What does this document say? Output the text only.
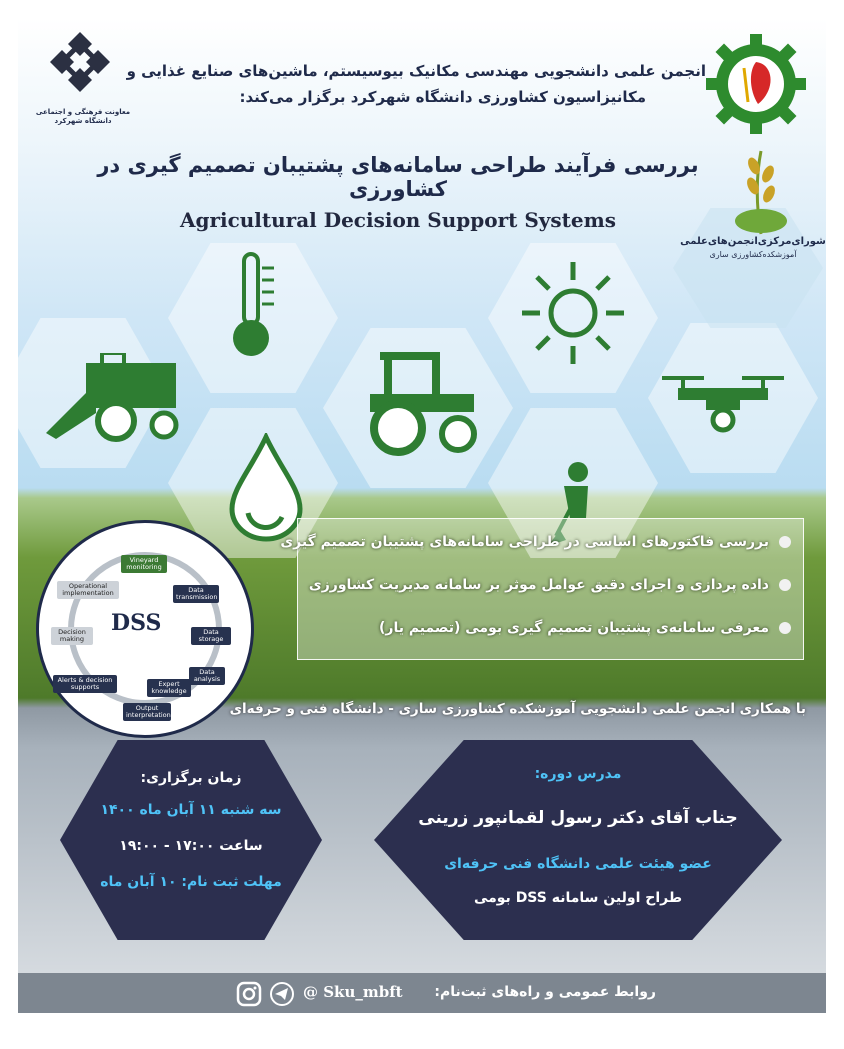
معاونت فرهنگی و اجتماعی
دانشگاه شهرکرد
شورای‌مرکزی‌انجمن‌های‌علمی
آموزشکده‌کشاورزی ساری
انجمن علمی دانشجویی مهندسی مکانیک بیوسیستم، ماشین‌های صنایع غذایی و
مکانیزاسیون کشاورزی دانشگاه شهرکرد برگزار می‌کند:
بررسی فرآیند طراحی سامانه‌های پشتیبان تصمیم گیری در کشاورزی
Agricultural Decision Support Systems
بررسی فاکتورهای اساسی در طراحی سامانه‌های پشتیبان تصمیم گیری
داده پردازی و اجرای دقیق عوامل موثر بر سامانه مدیریت کشاورزی
معرفی سامانه‌ی پشتیبان تصمیم گیری بومی (تصمیم یار)
DSS
Vineyard monitoring
Data transmission
Data storage
Data analysis
Expert knowledge
Output interpretation
Alerts & decision supports
Decision making
Operational implementation
با همکاری انجمن علمی دانشجویی آموزشکده کشاورزی ساری - دانشگاه فنی و حرفه‌ای
زمان برگزاری:
سه شنبه ۱۱ آبان ماه ۱۴۰۰
ساعت ۱۷:۰۰ - ۱۹:۰۰
مهلت ثبت نام: ۱۰ آبان ماه
مدرس دوره:
جناب آقای دکتر رسول لقمانپور زرینی
عضو هیئت علمی دانشگاه فنی حرفه‌ای
طراح اولین سامانه DSS بومی
روابط عمومی و راه‌های ثبت‌نام:
@ Sku_mbft
